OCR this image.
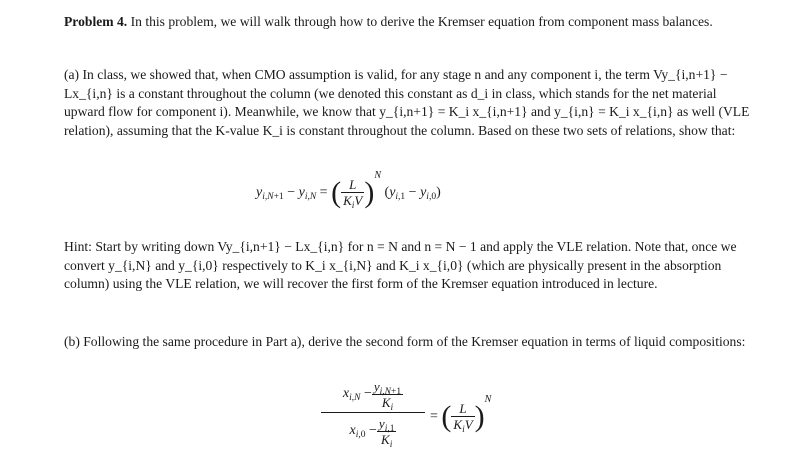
Problem 4. In this problem, we will walk through how to derive the Kremser equation from component mass balances.
(a) In class, we showed that, when CMO assumption is valid, for any stage n and any component i, the term Vy_{i,n+1} − Lx_{i,n} is a constant throughout the column (we denoted this constant as d_i in class, which stands for the net material upward flow for component i). Meanwhile, we know that y_{i,n+1} = K_i x_{i,n+1} and y_{i,n} = K_i x_{i,n} as well (VLE relation), assuming that the K-value K_i is constant throughout the column. Based on these two sets of relations, show that:
$y_{i,N+1} - y_{i,N}$ = ( $\frac{L}{K_iV} )^N$ $(y_{i,1} - y_{i,0})$
Hint: Start by writing down Vy_{i,n+1} − Lx_{i,n} for n = N and n = N − 1 and apply the VLE relation. Note that, once we convert y_{i,N} and y_{i,0} respectively to K_i x_{i,N} and K_i x_{i,0} (which are physically present in the absorption column) using the VLE relation, we will recover the first form of the Kremser equation introduced in lecture.
(b) Following the same procedure in Part a), derive the second form of the Kremser equation in terms of liquid compositions:
$x_{i,N} - \frac{y_{i,N+1}}{K_i}$
$x_{i,0} - \frac{y_{i,1}}{K_i}$ = ( $\frac{L}{K_iV} )^N$
